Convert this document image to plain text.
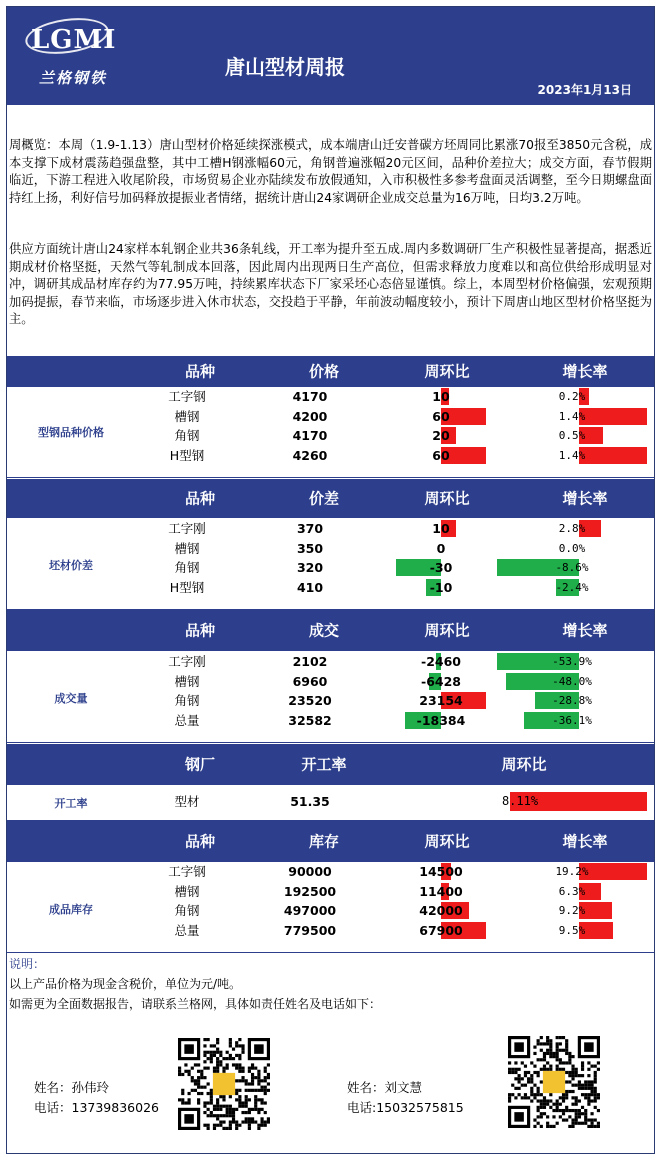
LGMI
兰格钢铁	唐山型材周报
2023年1月13日
周概览：本周（1.9-1.13）唐山型材价格延续探涨模式，成本端唐山迁安普碳方坯周同比累涨70报至3850元含税，成本支撑下成材震荡趋强盘整，其中工槽H钢涨幅60元，角钢普遍涨幅20元区间，品种价差拉大；成交方面，春节假期临近，下游工程进入收尾阶段，市场贸易企业亦陆续发布放假通知，入市积极性多参考盘面灵活调整，至今日期螺盘面持红上扬，利好信号加码释放提振业者情绪，据统计唐山24家调研企业成交总量为16万吨，日均3.2万吨。
供应方面统计唐山24家样本轧钢企业共36条轧线，开工率为提升至五成.周内多数调研厂生产积极性显著提高，据悉近期成材价格坚挺，天然气等轧制成本回落，因此周内出现两日生产高位，但需求释放力度难以和高位供给形成明显对冲，调研其成品材库存约为77.95万吨，持续累库状态下厂家采坯心态倍显谨慎。综上，本周型材价格偏强，宏观预期加码提振，春节来临，市场逐步进入休市状态，交投趋于平静，年前波动幅度较小，预计下周唐山地区型材价格坚挺为主。
品种	价格	周环比	增长率
型钢品种价格
工字钢	4170	10	0.2%
槽钢	4200	60	1.4%
角钢	4170	20	0.5%
H型钢	4260	60	1.4%
品种	价差	周环比	增长率
坯材价差
工字刚	370	10	2.8%
槽钢	350	0	0.0%
角钢	320	-30	-8.6%
H型钢	410	-10	-2.4%
品种	成交	周环比	增长率
成交量
工字刚	2102	-2460	-53.9%
槽钢	6960	-6428	-48.0%
角钢	23520	23154	-28.8%
总量	32582	-18384	-36.1%
钢厂	开工率	周环比
开工率	型材	51.35	8.11%
品种	库存	周环比	增长率
成品库存
工字钢	90000	14500	19.2%
槽钢	192500	11400	6.3%
角钢	497000	42000	9.2%
总量	779500	67900	9.5%
说明：
以上产品价格为现金含税价，单位为元/吨。
如需更为全面数据报告，请联系兰格网，具体如责任姓名及电话如下：
姓名：孙伟玲
电话：13739836026
姓名：刘文慧
电话:15032575815
